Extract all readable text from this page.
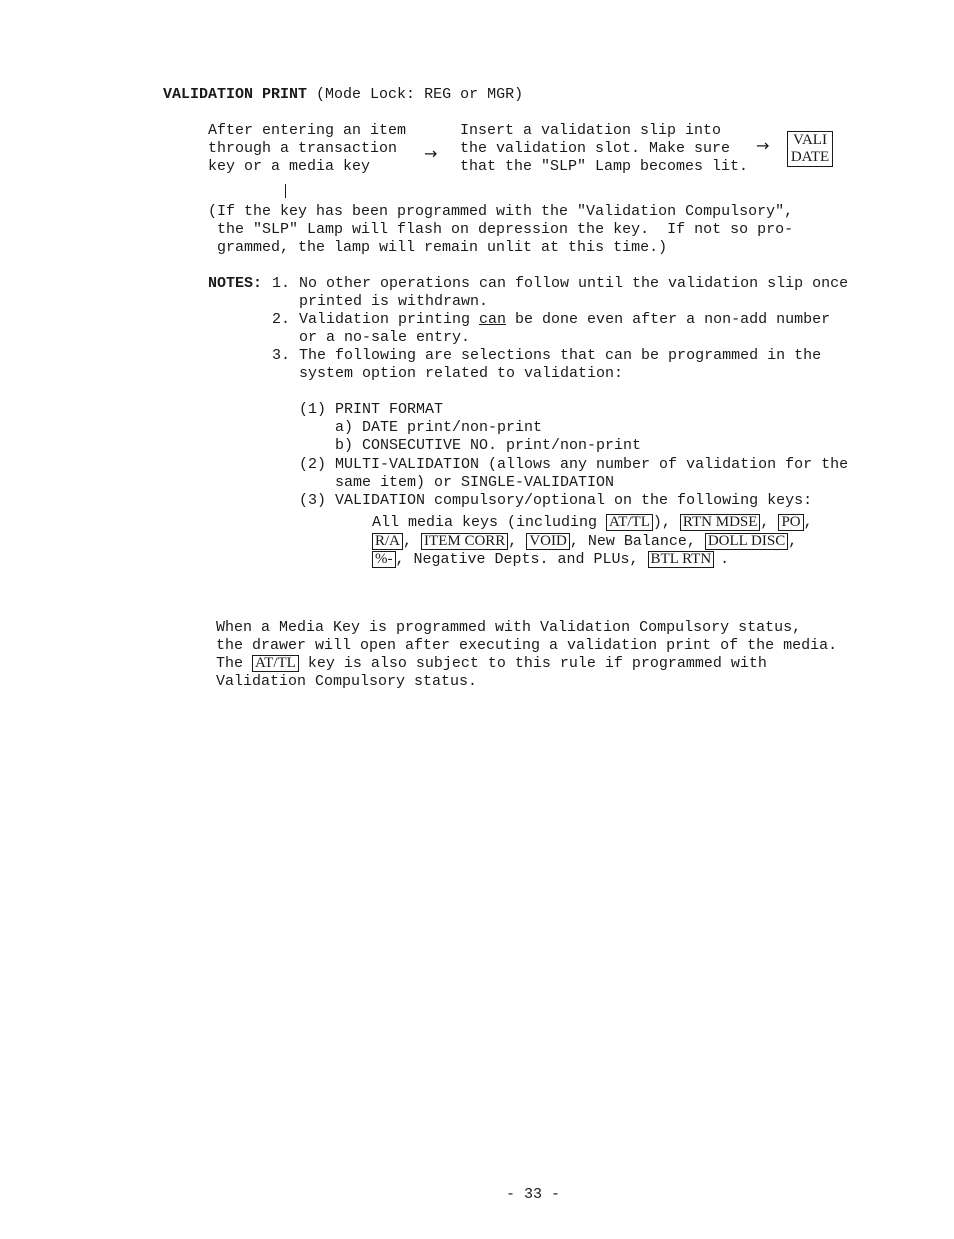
VALIDATION PRINT (Mode Lock: REG or MGR)
After entering an item
through a transaction
key or a media key
→
Insert a validation slip into
the validation slot. Make sure
that the "SLP" Lamp becomes lit.
→	VALI
DATE
(If the key has been programmed with the "Validation Compulsory",
the "SLP" Lamp will flash on depression the key.  If not so pro-
grammed, the lamp will remain unlit at this time.)
NOTES: 1. No other operations can follow until the validation slip once
printed is withdrawn.
2. Validation printing can be done even after a non-add number
or a no-sale entry.
3. The following are selections that can be programmed in the
system option related to validation:
(1) PRINT FORMAT
a) DATE print/non-print
b) CONSECUTIVE NO. print/non-print
(2) MULTI-VALIDATION (allows any number of validation for the
same item) or SINGLE-VALIDATION
(3) VALIDATION compulsory/optional on the following keys:
All media keys (including AT/TL ), RTN MDSE , PO ,
R/A , ITEM CORR , VOID , New Balance, DOLL DISC ,
%- , Negative Depts. and PLUs, BTL RTN .
When a Media Key is programmed with Validation Compulsory status,
the drawer will open after executing a validation print of the media.
The AT/TL key is also subject to this rule if programmed with
Validation Compulsory status.
- 33 -
